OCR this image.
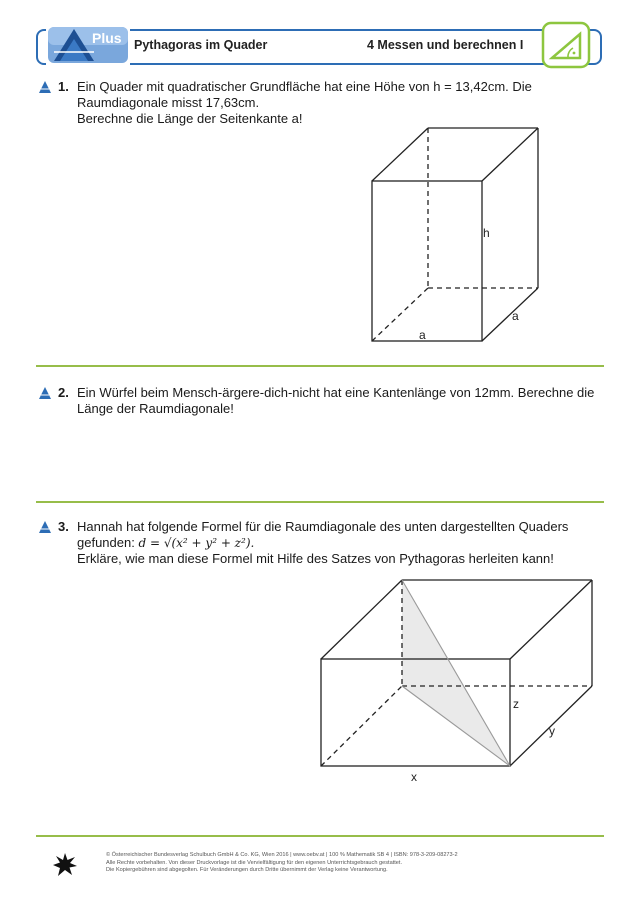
Plus Pythagoras im Quader	4 Messen und berechnen I
1. Ein Quader mit quadratischer Grundfläche hat eine Höhe von h = 13,42cm. Die

Raumdiagonale misst 17,63cm.

Berechne die Länge der Seitenkante a!

h
a
a
2. Ein Würfel beim Mensch-ärgere-dich-nicht hat eine Kantenlänge von 12mm. Berechne die

Länge der Raumdiagonale!

3. Hannah hat folgende Formel für die Raumdiagonale des unten dargestellten Quaders

gefunden: d = √(x² + y² + z²).

Erkläre, wie man diese Formel mit Hilfe des Satzes von Pythagoras herleiten kann!

x
y
z

© Österreichischer Bundesverlag Schulbuch GmbH & Co. KG, Wien 2016 | www.oebv.at | 100 % Mathematik SB 4 | ISBN: 978-3-209-08273-2

Alle Rechte vorbehalten. Von dieser Druckvorlage ist die Vervielfältigung für den eigenen Unterrichtsgebrauch gestattet.

Die Kopiergebühren sind abgegolten. Für Veränderungen durch Dritte übernimmt der Verlag keine Verantwortung.
